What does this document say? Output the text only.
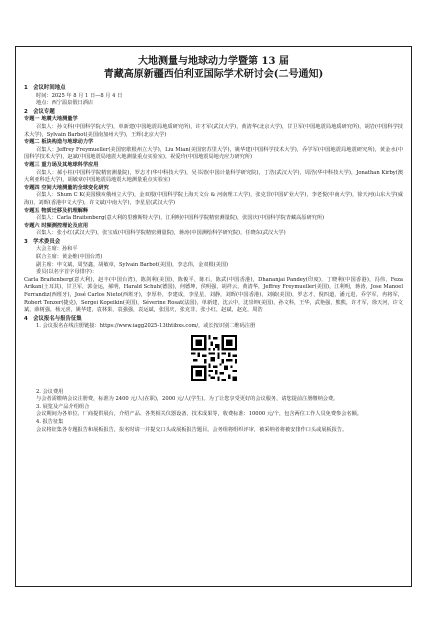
大地测量与地球动力学暨第 13 届
青藏高原新疆西伯利亚国际学术研讨会(二号通知)
1　会议时间地点
时间：2025 年 8 月 1 日—8 月 4 日
地点：西宁温泉假日酒店
2　会议专题
专题一 地震大地测量学
召集人：孙文科(中国科学院大学)，单新建(中国地震局地质研究所)，许才军(武汉大学)，黄清华(北京大学)，甘卫军(中国地震局地质研究所)，胡岩(中国科学技术大学)，Sylvain Barbot(美国南加州大学)，王辉(北京大学)
专题二 板块构造与地球动力学
召集人：Jeffrey Freymueller(美国密歇根州立大学)，Liu Mian(美国密苏里大学)，姚华建(中国科学技术大学)，乔学军(中国地震局地震研究所)，黄金水(中国科学技术大学)，赵斌(中国地震局地震大地测量重点实验室)，祝爱玲(中国地震局地壳应力研究所)
专题三 重力场及其地球科学应用
召集人：郝小柱(中国科学院精密测量院)，罗志才(华中科技大学)，吴书清(中国计量科学研究院)，丁浩(武汉大学)，周浩(华中科技大学)，Jonathan Kirby(澳大利亚科廷大学)，胡敏章(中国地震局地震大地测量重点实验室)
专题四 空间大地测量的全球变化研究
召集人：Shum C K(美国俄亥俄州立大学)，金双根(中国科学院上海天文台 & 河南理工大学)，张克非(中国矿业大学)，李老悦(中南大学)，徐天河(山东大学(威海))，刘晖(香港中文大学)，许文斌(中南大学)，李星星(武汉大学)
专题五 物质迁移及机理解释
召集人：Carla Braitenberg(意大利的里雅斯特大学)，江利明(中国科学院精密测量院)，张国庆(中国科学院青藏高原研究所)
专题六 时频测控理论及应用
召集人：张小红(武汉大学)，张宝成(中国科学院精密测量院)，蒋涛(中国测绘科学研究院)，任晓东(武汉大学)
3　学术委员会
大会主席：孙和平
联合主席：黄金维(中国台湾)
副主席：申文斌，周坚鑫，胡敏章，Sylvain Barbot(美国)，李志伟，金双根(美国)
委员(以名字首字母排序)：
Carla Braitenberg(意大利)，赵丰(中国台湾)，陈剑利(美国)，陈俊平，陈石，陈武(中国香港)，Dhananjai Pandey(印度)，丁晓利(中国香港)，冯伟，Feza Arikan(土耳其)，甘卫军，郭金运，郝明，Harald Schuh(德国)，何德坤，侯明强，胡祥云，黄清华，Jeffrey Freymueller(美国)，江利明，蒋涛，Jose Manoel Ferrandiz(西班牙)，José Carlos Nieto(西班牙)，李厚朴，李建成，李星星，刘静，刘晖(中国香港)，刘敏(美国)，罗志才，倪四道，潘元进，乔学军，冉将军，Robert Tenzer(捷克)，Sergei Kopeikin(美国)，Séverine Rosat(法国)，单新建，沈云中，沈崇坤(美国)，孙文科，王华，武艳强，熊熊，许才军，徐天河，许文斌，薛树强，杨元喜，姚华建，袁林果，袁强强，袁运斌，张国庆，张克非，张小红，赵斌，赵克，周浩
4　会议报名与报告征集
1. 会议报名在线注册链接：https://www.iagg2025-13thtibxs.com/，或长按识别二维码注册
2. 会议费用
与会者需缴纳会议注册费，标准为 2400 元/人(在职)，2000 元/人(学生)。为了让您享受更好的会议服务，请您提前注册缴纳会费。
3. 展览及产品介绍组合
会议期间为各单位、厂商提供展台，介绍产品、各类相关仪器设备、技术成果等，收费标准：10000 元/个，包含两位工作人员免费参会名额。
4. 报告征集
会议将征集各专题报告和展板报告，报名时请一并提交口头或展板报告题目。会务组将组织评审，被采纳者将被安排作口头或展板报告。
